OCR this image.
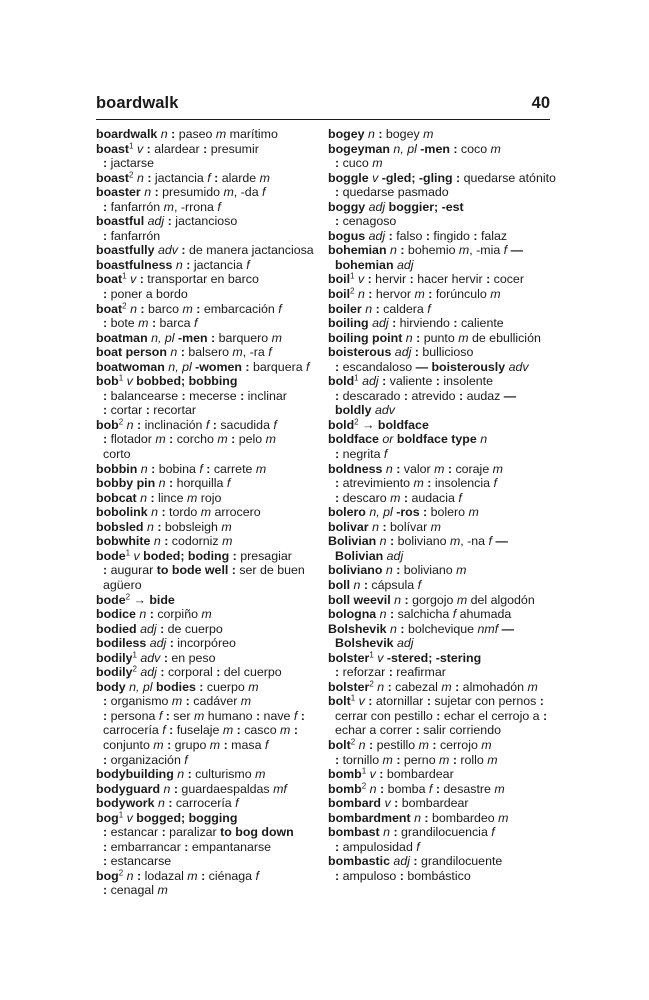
boardwalk	40

boardwalk n : paseo m marítimo

boast$^1$ v : alardear : presumir
: jactarse

boast$^2$ n : jactancia f : alarde m

boaster n : presumido m, -da f
: fanfarrón m, -rrona f

boastful adj : jactancioso
: fanfarrón

boastfully adv : de manera jactanciosa

boastfulness n : jactancia f

boat$^1$ v : transportar en barco
: poner a bordo

boat$^2$ n : barco m : embarcación f
: bote m : barca f

boatman n, pl -men : barquero m

boat person n : balsero m, -ra f

boatwoman n, pl -women : barquera f

bob$^1$ v bobbed; bobbing
: balancearse : mecerse : inclinar
: cortar : recortar

bob$^2$ n : inclinación f : sacudida f
: flotador m : corcho m : pelo m
corto

bobbin n : bobina f : carrete m

bobby pin n : horquilla f

bobcat n : lince m rojo

bobolink n : tordo m arrocero

bobsled n : bobsleigh m

bobwhite n : codorniz m

bode$^1$ v boded; boding : presagiar
: augurar to bode well : ser de buen agüero

bode$^2$ → bide

bodice n : corpiño m

bodied adj : de cuerpo

bodiless adj : incorpóreo

bodily$^1$ adv : en peso

bodily$^2$ adj : corporal : del cuerpo

body n, pl bodies : cuerpo m
: organismo m : cadáver m
: persona f : ser m humano : nave f : carrocería f : fuselaje m : casco m : conjunto m : grupo m : masa f
: organización f

bodybuilding n : culturismo m

bodyguard n : guardaespaldas mf

bodywork n : carrocería f

bog$^1$ v bogged; bogging
: estancar : paralizar to bog down
: embarrancar : empantanarse
: estancarse

bog$^2$ n : lodazal m : ciénaga f
: cenagal m

bogey n : bogey m

bogeyman n, pl -men : coco m
: cuco m

boggle v -gled; -gling : quedarse atónito : quedarse pasmado

boggy adj boggier; -est
: cenagoso

bogus adj : falso : fingido : falaz

bohemian n : bohemio m, -mia f — bohemian adj

boil$^1$ v : hervir : hacer hervir : cocer

boil$^2$ n : hervor m : forúnculo m

boiler n : caldera f

boiling adj : hirviendo : caliente

boiling point n : punto m de ebullición

boisterous adj : bullicioso
: escandaloso — boisterously adv

bold$^1$ adj : valiente : insolente
: descarado : atrevido : audaz —
boldly adv

bold$^2$ → boldface

boldface or boldface type n
: negrita f

boldness n : valor m : coraje m
: atrevimiento m : insolencia f
: descaro m : audacia f

bolero n, pl -ros : bolero m

bolivar n : bolívar m

Bolivian n : boliviano m, -na f —
Bolivian adj

boliviano n : boliviano m

boll n : cápsula f

boll weevil n : gorgojo m del algodón

bologna n : salchicha f ahumada

Bolshevik n : bolchevique nmf —
Bolshevik adj

bolster$^1$ v -stered; -stering
: reforzar : reafirmar

bolster$^2$ n : cabezal m : almohadón m

bolt$^1$ v : atornillar : sujetar con pernos : cerrar con pestillo : echar el cerrojo a : echar a correr : salir corriendo

bolt$^2$ n : pestillo m : cerrojo m
: tornillo m : perno m : rollo m

bomb$^1$ v : bombardear

bomb$^2$ n : bomba f : desastre m

bombard v : bombardear

bombardment n : bombardeo m

bombast n : grandilocuencia f
: ampulosidad f

bombastic adj : grandilocuente
: ampuloso : bombástico
